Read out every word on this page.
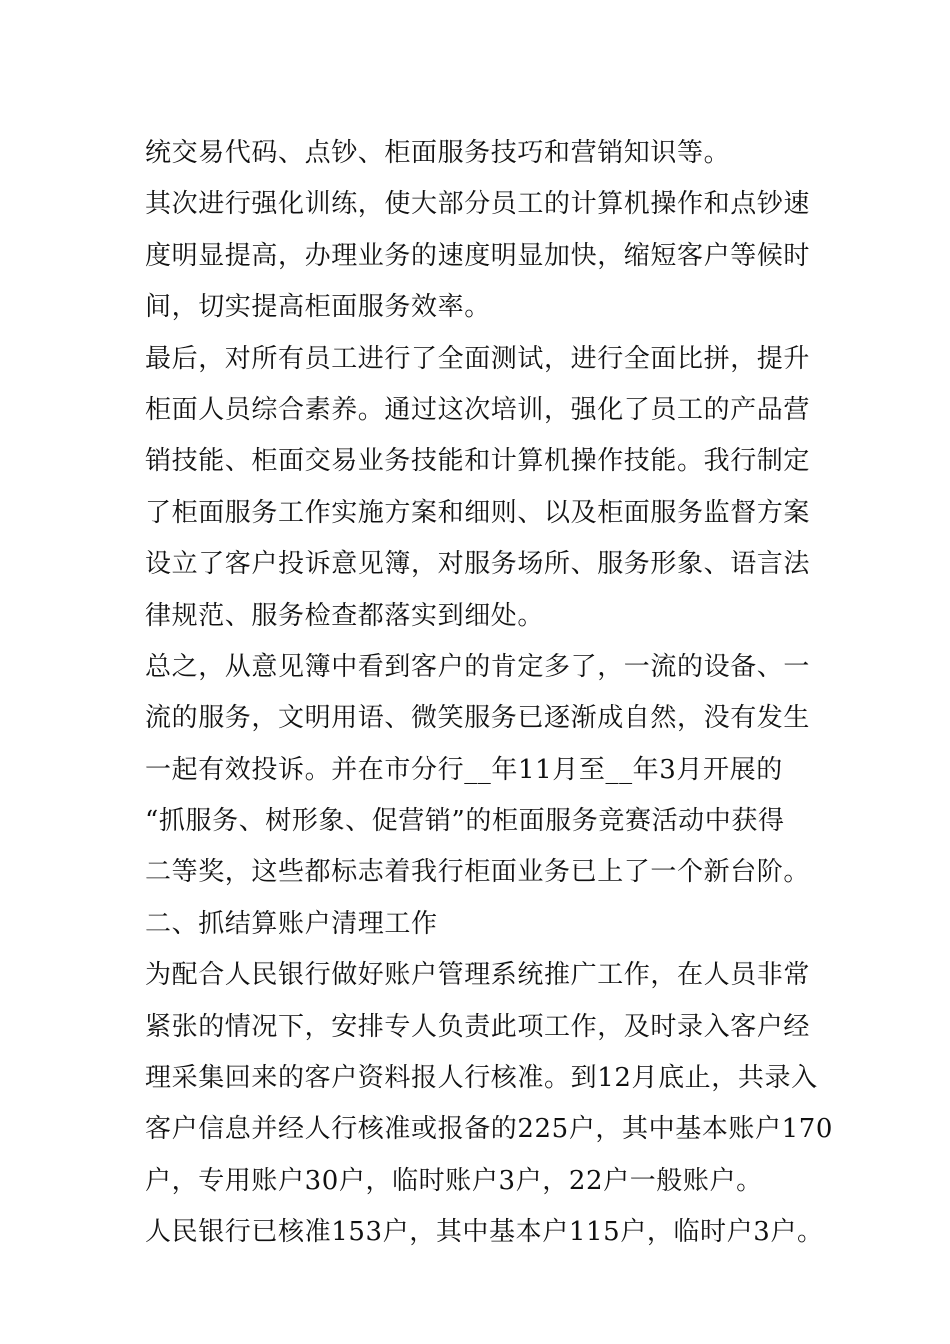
统交易代码、点钞、柜面服务技巧和营销知识等。
其次进行强化训练，使大部分员工的计算机操作和点钞速
度明显提高，办理业务的速度明显加快，缩短客户等候时
间，切实提高柜面服务效率。
最后，对所有员工进行了全面测试，进行全面比拼，提升
柜面人员综合素养。通过这次培训，强化了员工的产品营
销技能、柜面交易业务技能和计算机操作技能。我行制定
了柜面服务工作实施方案和细则、以及柜面服务监督方案
设立了客户投诉意见簿，对服务场所、服务形象、语言法
律规范、服务检查都落实到细处。
总之，从意见簿中看到客户的肯定多了，一流的设备、一
流的服务，文明用语、微笑服务已逐渐成自然，没有发生
一起有效投诉。并在市分行__年11月至__年3月开展的
“抓服务、树形象、促营销”的柜面服务竞赛活动中获得
二等奖，这些都标志着我行柜面业务已上了一个新台阶。
二、抓结算账户清理工作
为配合人民银行做好账户管理系统推广工作，在人员非常
紧张的情况下，安排专人负责此项工作，及时录入客户经
理采集回来的客户资料报人行核准。到12月底止，共录入
客户信息并经人行核准或报备的225户，其中基本账户170
户，专用账户30户，临时账户3户，22户一般账户。
人民银行已核准153户，其中基本户115户，临时户3户。
